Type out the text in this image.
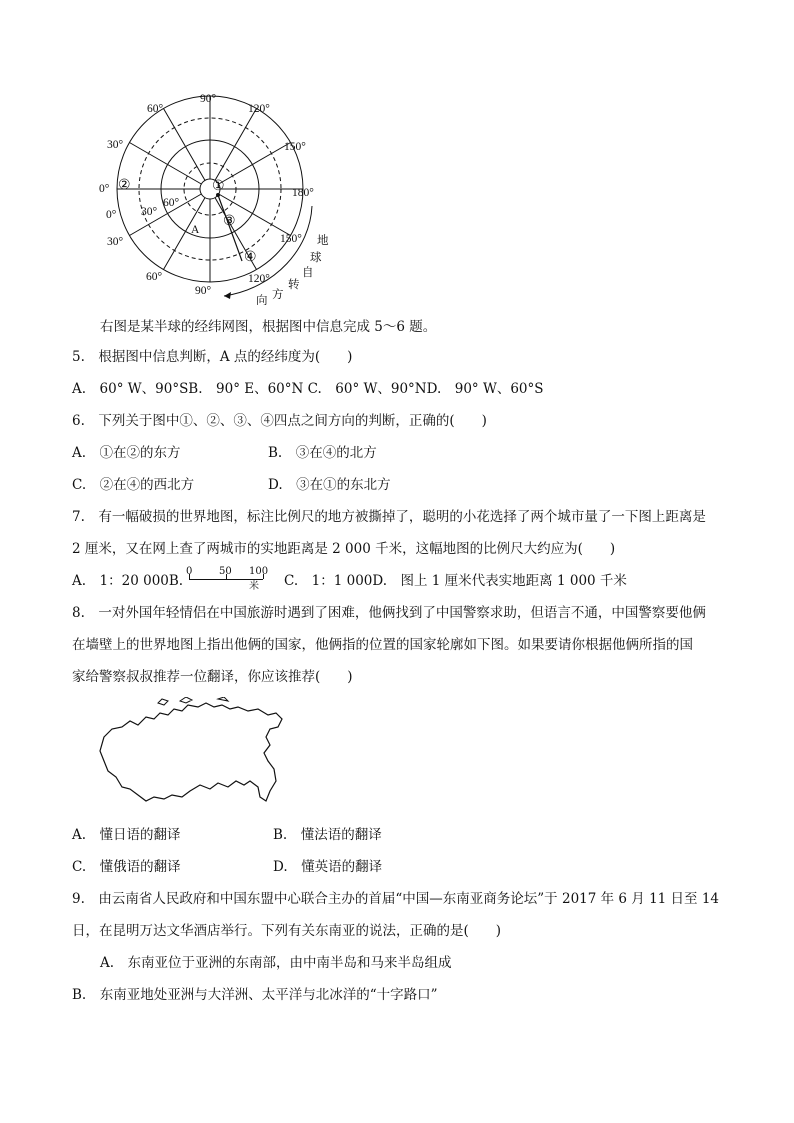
90°
60°	120°
30°	150°
0°	180°
0°
30°	150°
60°	120°
90°
30°
60°
A
①
②
③
④
地
球
自
转
方
向
右图是某半球的经纬网图，根据图中信息完成 5～6 题。
5.　根据图中信息判断，A 点的经纬度为(　　)
A.　60° W、90°SB.　90° E、60°N C.　60° W、90°ND.　90° W、60°S
6.　下列关于图中①、②、③、④四点之间方向的判断，正确的(　　)
A.　①在②的东方	B.　③在④的北方
C.　②在④的西北方	D.　③在①的东北方
7.　有一幅破损的世界地图，标注比例尺的地方被撕掉了，聪明的小花选择了两个城市量了一下图上距离是
2 厘米，又在网上查了两城市的实地距离是 2 000 千米，这幅地图的比例尺大约应为(　　)
A.　1：20 000B.
0	50 100米	C.　1：1 000D.　图上 1 厘米代表实地距离 1 000 千米
8.　一对外国年轻情侣在中国旅游时遇到了困难，他俩找到了中国警察求助，但语言不通，中国警察要他俩
在墙壁上的世界地图上指出他俩的国家，他俩指的位置的国家轮廓如下图。如果要请你根据他俩所指的国
家给警察叔叔推荐一位翻译，你应该推荐(　　)
A.　懂日语的翻译	B.　懂法语的翻译
C.　懂俄语的翻译	D.　懂英语的翻译
9.　由云南省人民政府和中国东盟中心联合主办的首届“中国—东南亚商务论坛”于 2017 年 6 月 11 日至 14
日，在昆明万达文华酒店举行。下列有关东南亚的说法，正确的是(　　)
A.　东南亚位于亚洲的东南部，由中南半岛和马来半岛组成
B.　东南亚地处亚洲与大洋洲、太平洋与北冰洋的“十字路口”
